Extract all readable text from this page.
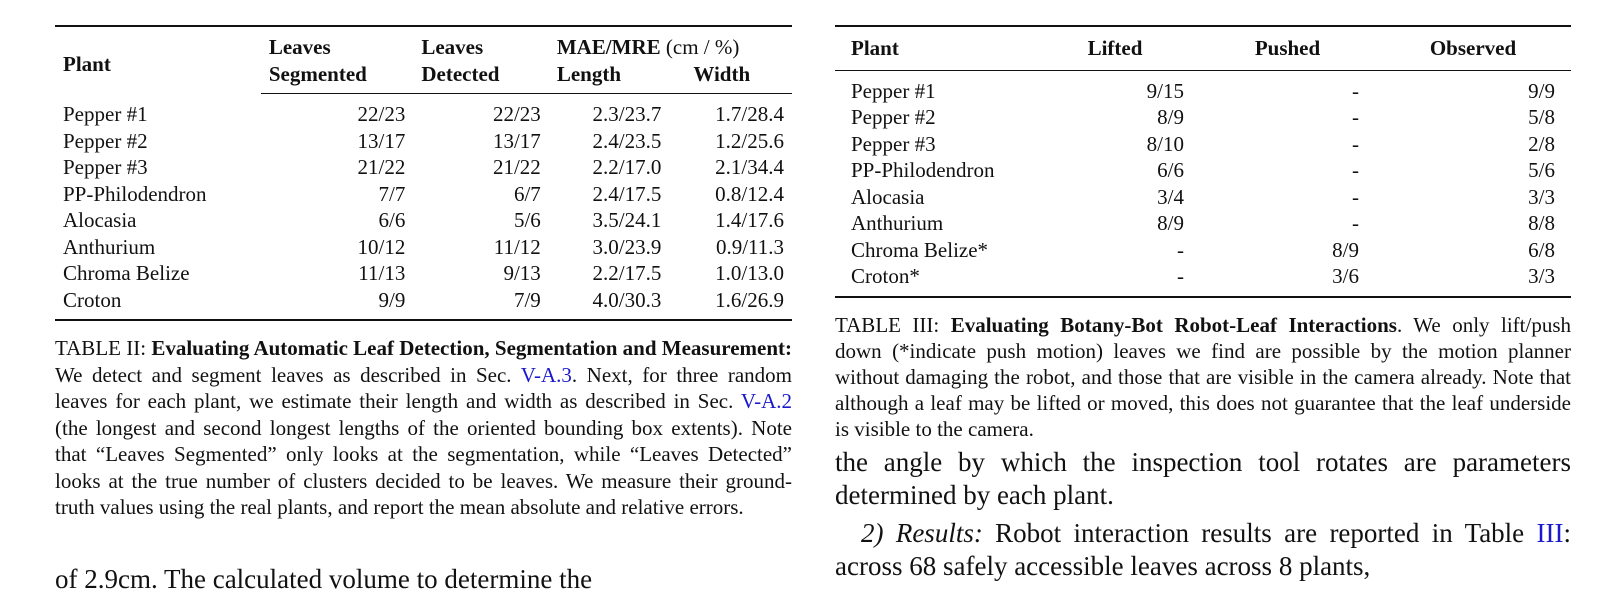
Plant	Leaves	Leaves	MAE/MRE (cm / %)	
	Segmented	Detected	Length	Width
Pepper #1	22/23	22/23	2.3/23.7	1.7/28.4
Pepper #2	13/17	13/17	2.4/23.5	1.2/25.6
Pepper #3	21/22	21/22	2.2/17.0	2.1/34.4
PP-Philodendron	7/7	6/7	2.4/17.5	0.8/12.4
Alocasia	6/6	5/6	3.5/24.1	1.4/17.6
Anthurium	10/12	11/12	3.0/23.9	0.9/11.3
Chroma Belize	11/13	9/13	2.2/17.5	1.0/13.0
Croton	9/9	7/9	4.0/30.3	1.6/26.9
TABLE II: Evaluating Automatic Leaf Detection, Segmentation and Measurement: We detect and segment leaves as described in Sec. V-A.3. Next, for three random leaves for each plant, we estimate their length and width as described in Sec. V-A.2 (the longest and second longest lengths of the oriented bounding box extents). Note that “Leaves Segmented” only looks at the segmentation, while “Leaves Detected” looks at the true number of clusters decided to be leaves. We measure their ground-truth values using the real plants, and report the mean absolute and relative errors.
of 2.9cm. The calculated volume to determine the
Plant	Lifted	Pushed	Observed
Pepper #1	9/15	-	9/9
Pepper #2	8/9	-	5/8
Pepper #3	8/10	-	2/8
PP-Philodendron	6/6	-	5/6
Alocasia	3/4	-	3/3
Anthurium	8/9	-	8/8
Chroma Belize*	-	8/9	6/8
Croton*	-	3/6	3/3
TABLE III: Evaluating Botany-Bot Robot-Leaf Interactions. We only lift/push down (*indicate push motion) leaves we find are possible by the motion planner without damaging the robot, and those that are visible in the camera already. Note that although a leaf may be lifted or moved, this does not guarantee that the leaf underside is visible to the camera.

the angle by which the inspection tool rotates are parameters determined by each plant.

2) Results: Robot interaction results are reported in Table III: across 68 safely accessible leaves across 8 plants,
